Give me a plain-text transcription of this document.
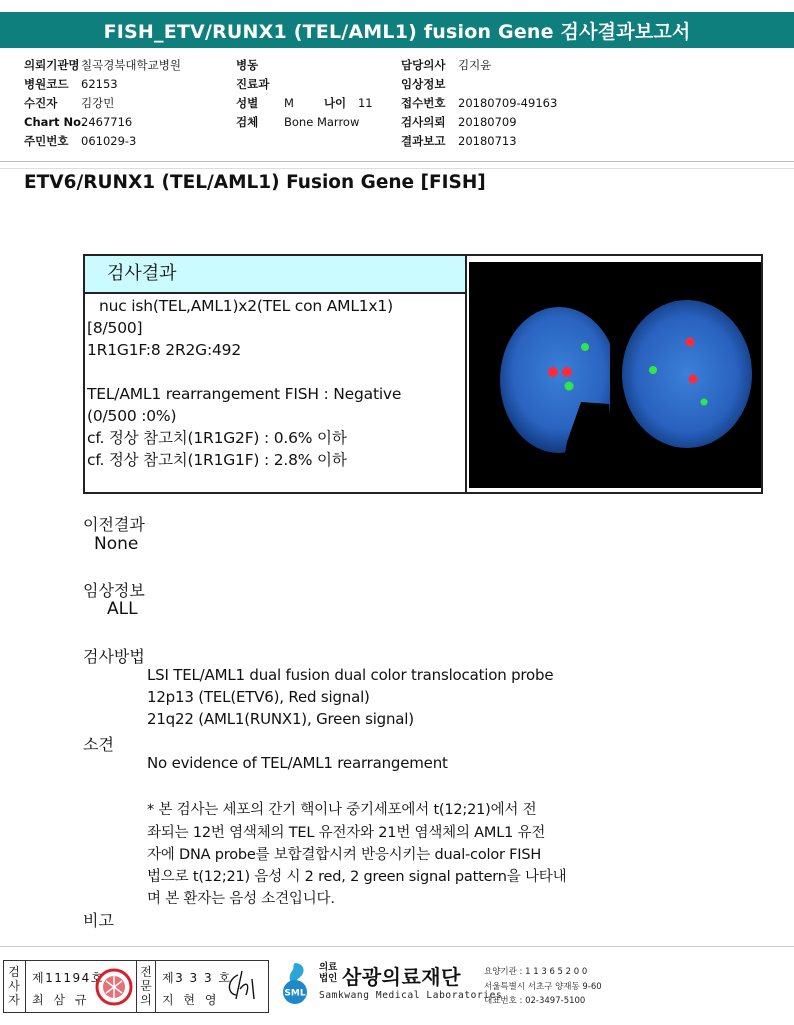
FISH_ETV/RUNX1 (TEL/AML1) fusion Gene 검사결과보고서
의뢰기관명칠곡경북대학교병원
병원코드 62153
수진자 김강민
Chart No.2467716
주민번호 061029-3
병동
진료과
성별 M	나이 11
검체 Bone Marrow
담당의사 김지윤
임상정보
접수번호 20180709-49163
검사의뢰 20180709
결과보고 20180713
ETV6/RUNX1 (TEL/AML1) Fusion Gene [FISH]
검사결과
nuc ish(TEL,AML1)x2(TEL con AML1x1)
[8/500]
1R1G1F:8 2R2G:492
TEL/AML1 rearrangement FISH : Negative
(0/500 :0%)
cf. 정상 참고치(1R1G2F) : 0.6% 이하
cf. 정상 참고치(1R1G1F) : 2.8% 이하
이전결과
None
임상정보
ALL
검사방법
LSI TEL/AML1 dual fusion dual color translocation probe
12p13 (TEL(ETV6), Red signal)
21q22 (AML1(RUNX1), Green signal)
소견
No evidence of TEL/AML1 rearrangement
* 본 검사는 세포의 간기 핵이나 중기세포에서 t(12;21)에서 전
좌되는 12번 염색체의 TEL 유전자와 21번 염색체의 AML1 유전
자에 DNA probe를 보합결합시켜 반응시키는 dual-color FISH
법으로 t(12;21) 음성 시 2 red, 2 green signal pattern을 나타내
며 본 환자는 음성 소견입니다.
비고
검
사
자
제11194호
최 삼 규
전
문
의
제3 3 3 호
지 현 영	SML
의료
법인 삼광의료재단
Samkwang Medical Laboratories
요양기관 : 1 1 3 6 5 2 0 0
서울특별시 서초구 양재동 9-60
대표번호 : 02-3497-5100
